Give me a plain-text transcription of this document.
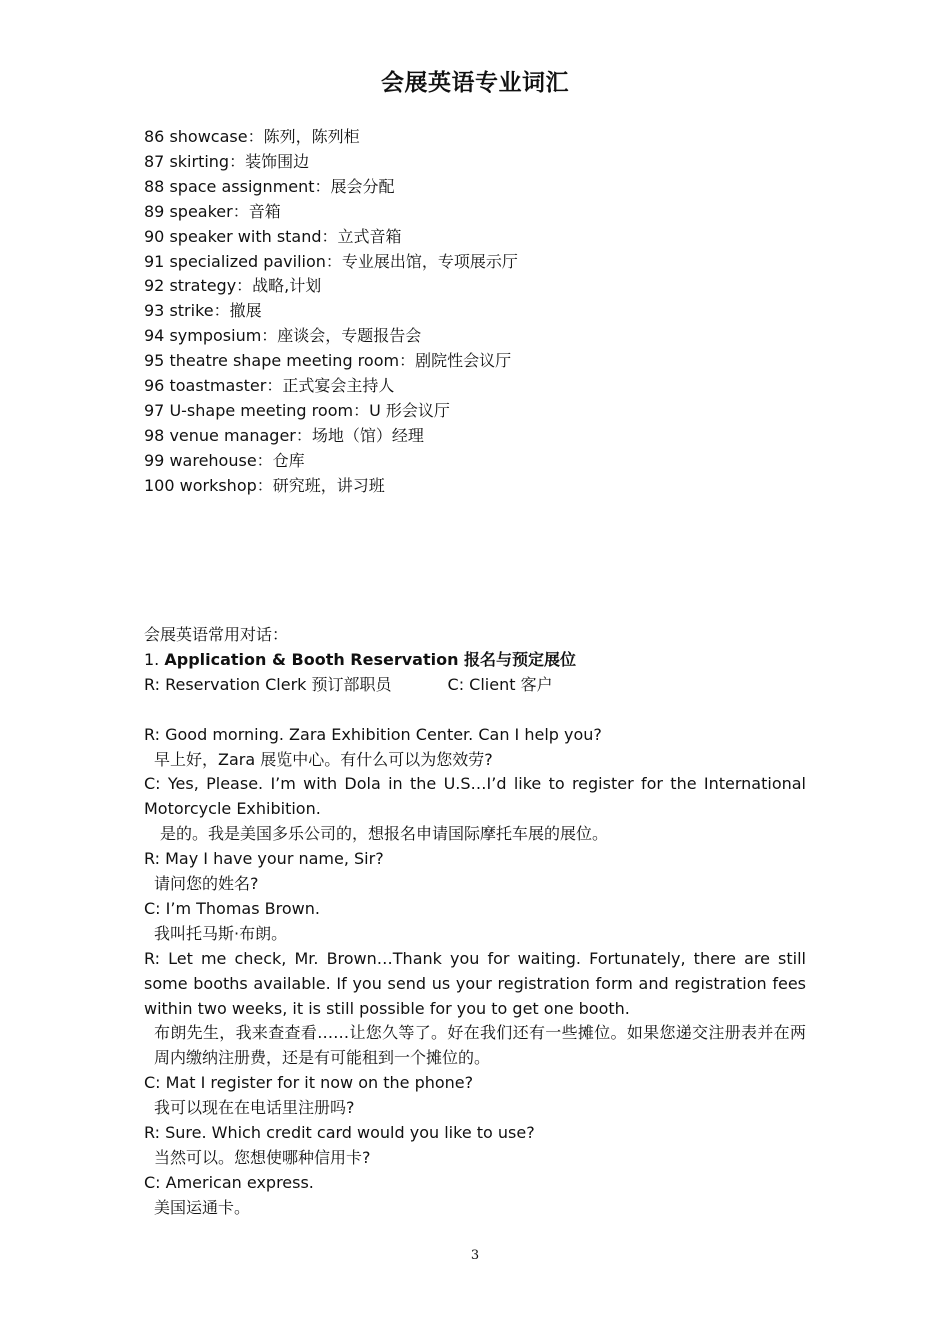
会展英语专业词汇
86 showcase：陈列，陈列柜
87 skirting：装饰围边
88 space assignment：展会分配
89 speaker：音箱
90 speaker with stand：立式音箱
91 specialized pavilion：专业展出馆，专项展示厅
92 strategy：战略,计划
93 strike：撤展
94 symposium：座谈会，专题报告会
95 theatre shape meeting room：剧院性会议厅
96 toastmaster：正式宴会主持人
97 U-shape meeting room：U 形会议厅
98 venue manager：场地（馆）经理
99 warehouse：仓库
100 workshop：研究班，讲习班
会展英语常用对话：
1. Application & Booth Reservation 报名与预定展位
R: Reservation Clerk 预订部职员	C: Client 客户
R: Good morning. Zara Exhibition Center. Can I help you?
早上好，Zara 展览中心。有什么可以为您效劳?
C: Yes, Please. I’m with Dola in the U.S…I’d like to register for the International Motorcycle Exhibition.
是的。我是美国多乐公司的，想报名申请国际摩托车展的展位。
R: May I have your name, Sir?
请问您的姓名?
C: I’m Thomas Brown.
我叫托马斯·布朗。
R: Let me check, Mr. Brown…Thank you for waiting. Fortunately, there are still some booths available. If you send us your registration form and registration fees within two weeks, it is still possible for you to get one booth.
布朗先生，我来查查看……让您久等了。好在我们还有一些摊位。如果您递交注册表并在两周内缴纳注册费，还是有可能租到一个摊位的。
C: Mat I register for it now on the phone?
我可以现在在电话里注册吗?
R: Sure. Which credit card would you like to use?
当然可以。您想使哪种信用卡?
C: American express.
美国运通卡。
3
